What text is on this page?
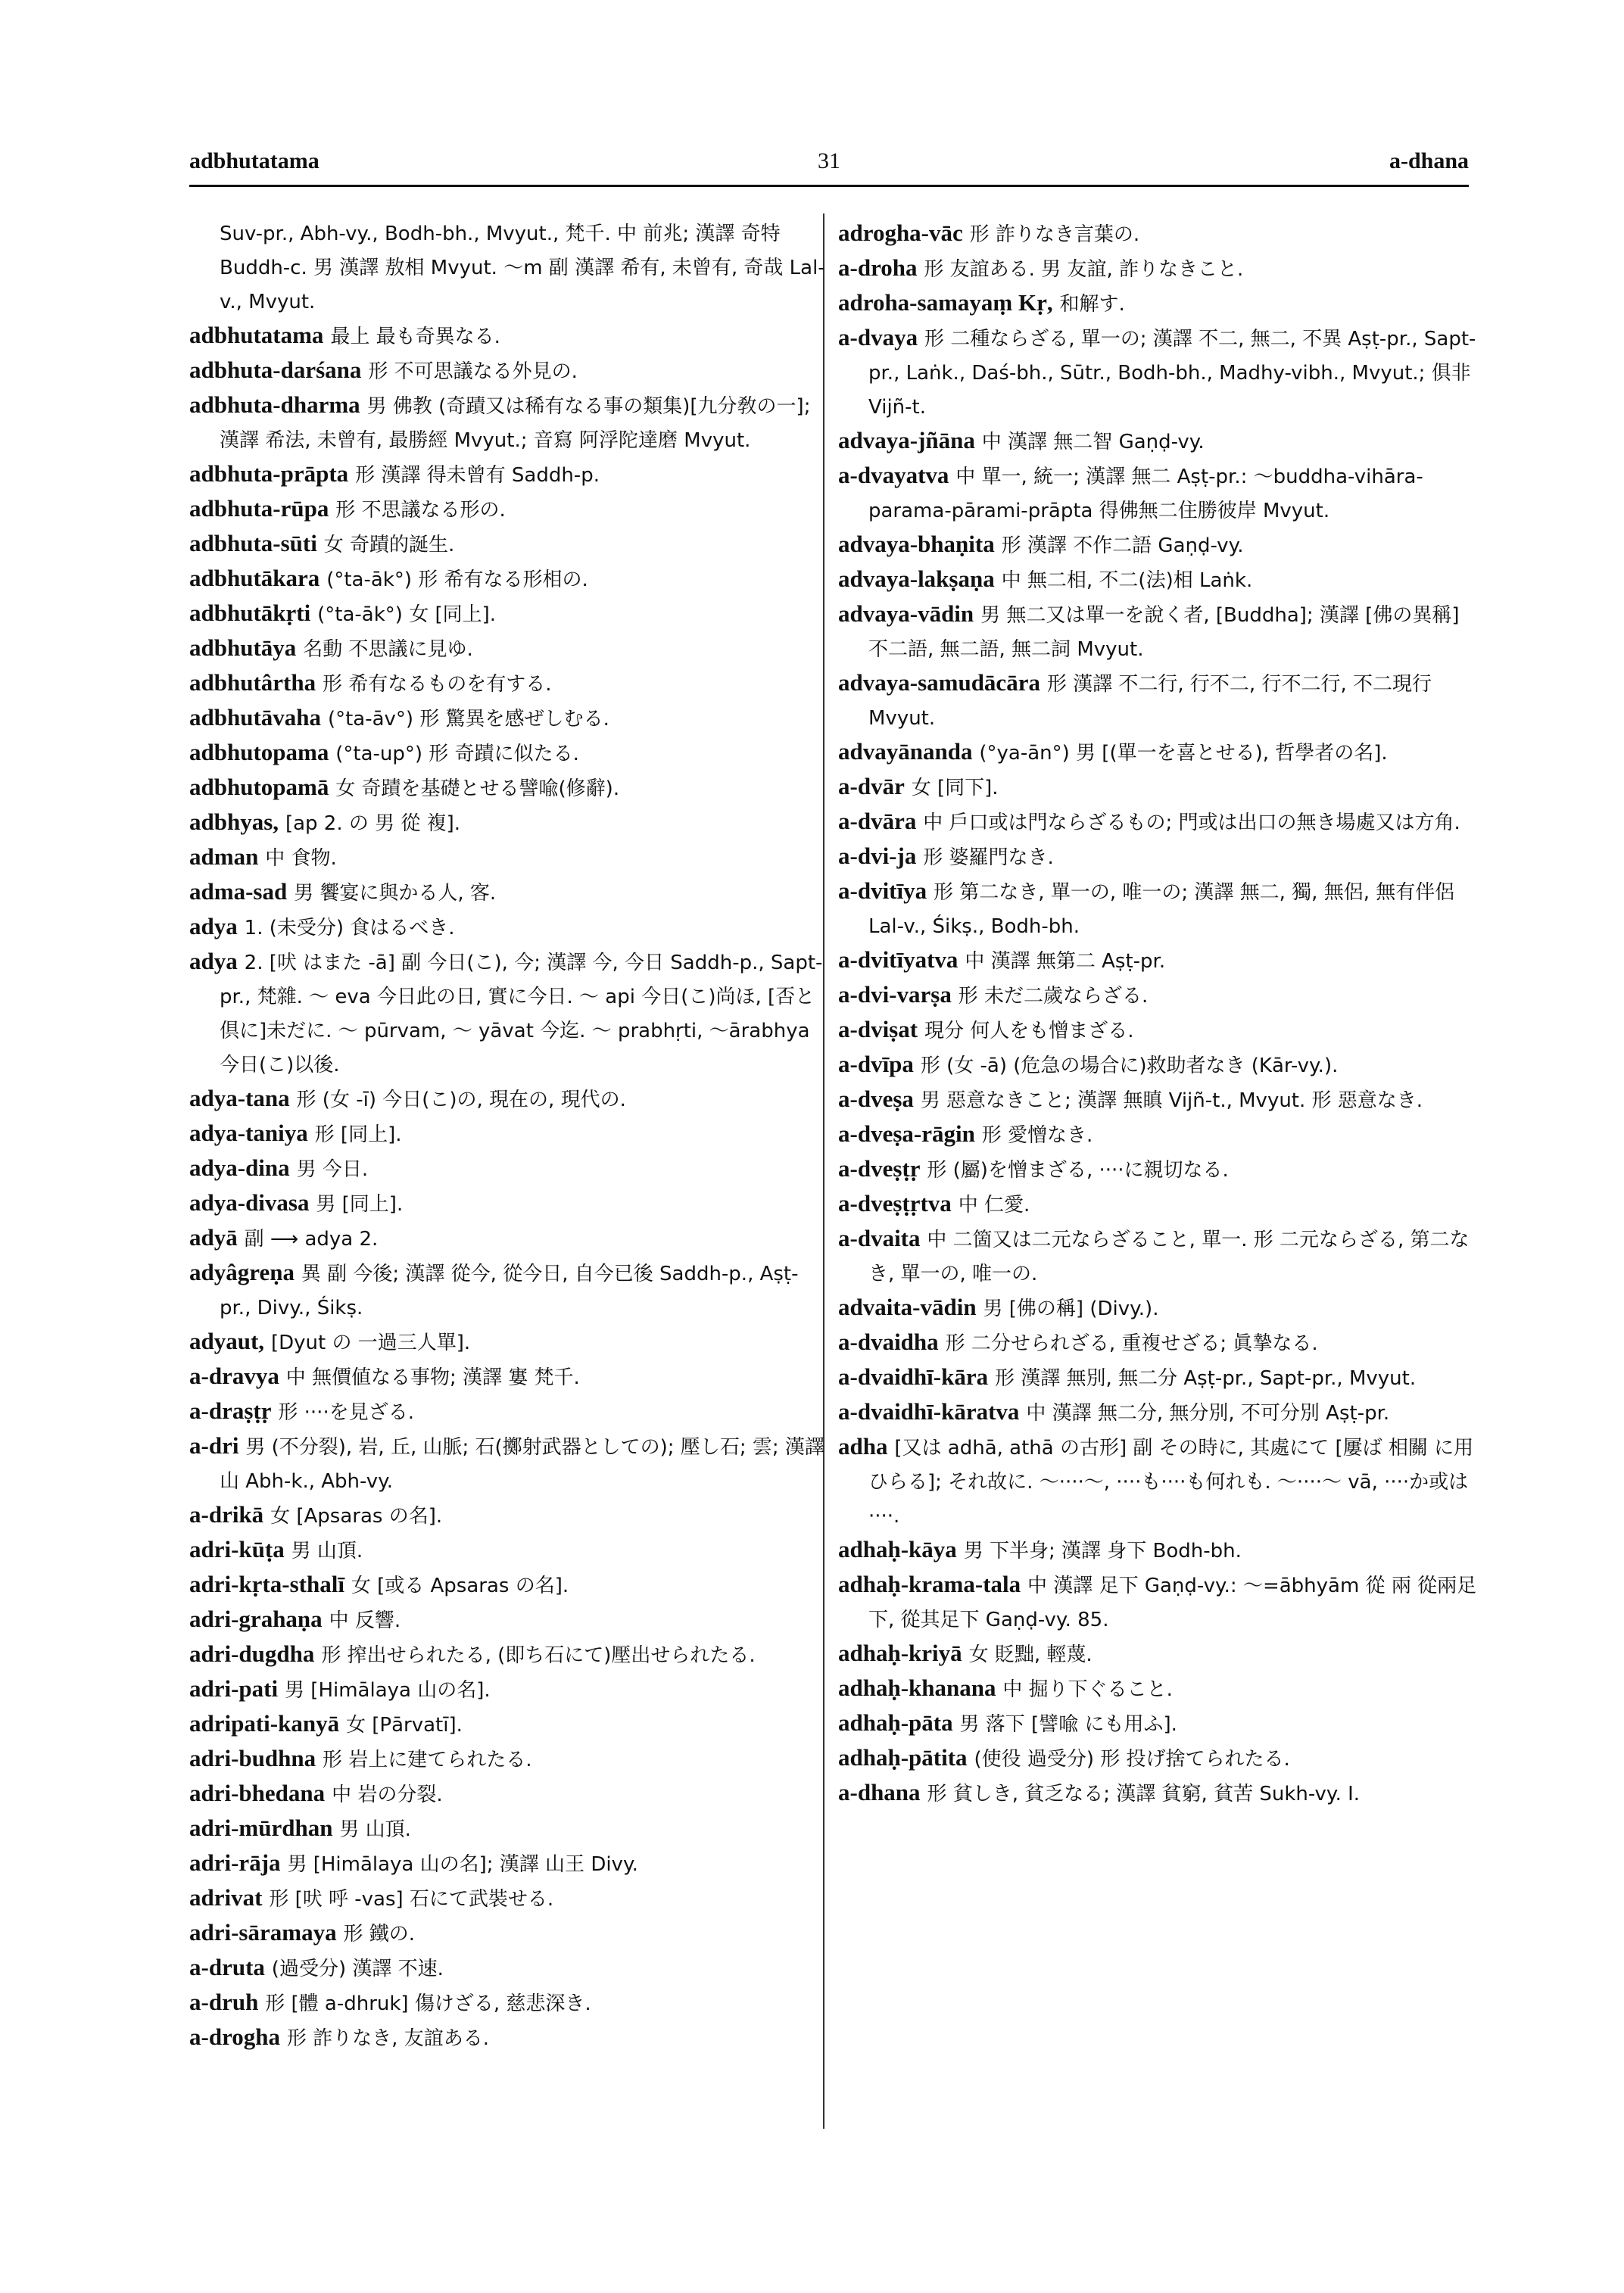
adbhutatama	31	a-dhana

Suv-pr., Abh-vy., Bodh-bh., Mvyut., 梵千. 中 前兆; 漢譯 奇特 Buddh-c. 男 漢譯 敖相 Mvyut. 〜m 副 漢譯 希有, 未曾有, 奇哉 Lal-v., Mvyut.

adbhutatama 最上 最も奇異なる.

adbhuta-darśana 形 不可思議なる外見の.

adbhuta-dharma 男 佛教 (奇蹟又は稀有なる事の類集)[九分敎の一]; 漢譯 希法, 未曾有, 最勝經 Mvyut.; 音寫 阿浮陀達磨 Mvyut.

adbhuta-prāpta 形 漢譯 得未曾有 Saddh-p.

adbhuta-rūpa 形 不思議なる形の.

adbhuta-sūti 女 奇蹟的誕生.

adbhutākara (°ta-āk°) 形 希有なる形相の.

adbhutākṛti (°ta-āk°) 女 [同上].

adbhutāya 名動 不思議に見ゆ.

adbhutârtha 形 希有なるものを有する.

adbhutāvaha (°ta-āv°) 形 驚異を感ぜしむる.

adbhutopama (°ta-up°) 形 奇蹟に似たる.

adbhutopamā 女 奇蹟を基礎とせる譬喩(修辭).

adbhyas, [ap 2. の 男 從 複].

adman 中 食物.

adma-sad 男 饗宴に與かる人, 客.

adya 1. (未受分) 食はるべき.

adya 2. [吠 はまた -ā] 副 今日(こ), 今; 漢譯 今, 今日 Saddh-p., Sapt-pr., 梵雜. 〜 eva 今日此の日, 實に今日. 〜 api 今日(こ)尚ほ, [否と倶に]未だに. 〜 pūrvam, 〜 yāvat 今迄. 〜 prabhṛti, 〜ārabhya 今日(こ)以後.

adya-tana 形 (女 -ī) 今日(こ)の, 現在の, 現代の.

adya-taniya 形 [同上].

adya-dina 男 今日.

adya-divasa 男 [同上].

adyā 副 ⟶ adya 2.

adyâgreṇa 異 副 今後; 漢譯 從今, 從今日, 自今已後 Saddh-p., Aṣṭ-pr., Divy., Śikṣ.

adyaut, [Dyut の 一過三人單].

a-dravya 中 無價値なる事物; 漢譯 寠 梵千.

a-draṣṭṛ 形 ····を見ざる.

a-dri 男 (不分裂), 岩, 丘, 山脈; 石(擲射武器としての); 壓し石; 雲; 漢譯 山 Abh-k., Abh-vy.

a-drikā 女 [Apsaras の名].

adri-kūṭa 男 山頂.

adri-kṛta-sthalī 女 [或る Apsaras の名].

adri-grahaṇa 中 反響.

adri-dugdha 形 搾出せられたる, (即ち石にて)壓出せられたる.

adri-pati 男 [Himālaya 山の名].

adripati-kanyā 女 [Pārvatī].

adri-budhna 形 岩上に建てられたる.

adri-bhedana 中 岩の分裂.

adri-mūrdhan 男 山頂.

adri-rāja 男 [Himālaya 山の名]; 漢譯 山王 Divy.

adrivat 形 [吠 呼 -vas] 石にて武裝せる.

adri-sāramaya 形 鐵の.

a-druta (過受分) 漢譯 不速.

a-druh 形 [體 a-dhruk] 傷けざる, 慈悲深き.

a-drogha 形 詐りなき, 友誼ある.

adrogha-vāc 形 詐りなき言葉の.

a-droha 形 友誼ある. 男 友誼, 詐りなきこと.

adroha-samayaṃ Kṛ, 和解す.

a-dvaya 形 二種ならざる, 單一の; 漢譯 不二, 無二, 不異 Aṣṭ-pr., Sapt-pr., Laṅk., Daś-bh., Sūtr., Bodh-bh., Madhy-vibh., Mvyut.; 俱非 Vijñ-t.

advaya-jñāna 中 漢譯 無二智 Gaṇḍ-vy.

a-dvayatva 中 單一, 統一; 漢譯 無二 Aṣṭ-pr.: 〜buddha-vihāra-parama-pārami-prāpta 得佛無二住勝彼岸 Mvyut.

advaya-bhaṇita 形 漢譯 不作二語 Gaṇḍ-vy.

advaya-lakṣaṇa 中 無二相, 不二(法)相 Laṅk.

advaya-vādin 男 無二又は單一を說く者, [Buddha]; 漢譯 [佛の異稱] 不二語, 無二語, 無二詞 Mvyut.

advaya-samudācāra 形 漢譯 不二行, 行不二, 行不二行, 不二現行 Mvyut.

advayānanda (°ya-ān°) 男 [(單一を喜とせる), 哲學者の名].

a-dvār 女 [同下].

a-dvāra 中 戶口或は門ならざるもの; 門或は出口の無き場處又は方角.

a-dvi-ja 形 婆羅門なき.

a-dvitīya 形 第二なき, 單一の, 唯一の; 漢譯 無二, 獨, 無侶, 無有伴侶 Lal-v., Śikṣ., Bodh-bh.

a-dvitīyatva 中 漢譯 無第二 Aṣṭ-pr.

a-dvi-varṣa 形 未だ二歲ならざる.

a-dviṣat 現分 何人をも憎まざる.

a-dvīpa 形 (女 -ā) (危急の場合に)救助者なき (Kār-vy.).

a-dveṣa 男 惡意なきこと; 漢譯 無瞋 Vijñ-t., Mvyut. 形 惡意なき.

a-dveṣa-rāgin 形 愛憎なき.

a-dveṣṭṛ 形 (屬)を憎まざる, ····に親切なる.

a-dveṣṭṛtva 中 仁愛.

a-dvaita 中 二箇又は二元ならざること, 單一. 形 二元ならざる, 第二なき, 單一の, 唯一の.

advaita-vādin 男 [佛の稱] (Divy.).

a-dvaidha 形 二分せられざる, 重複せざる; 眞摯なる.

a-dvaidhī-kāra 形 漢譯 無別, 無二分 Aṣṭ-pr., Sapt-pr., Mvyut.

a-dvaidhī-kāratva 中 漢譯 無二分, 無分別, 不可分別 Aṣṭ-pr.

adha [又は adhā, athā の古形] 副 その時に, 其處にて [屢ば 相關 に用ひらる]; それ故に. 〜····〜, ····も····も何れも. 〜····〜 vā, ····か或は····.

adhaḥ-kāya 男 下半身; 漢譯 身下 Bodh-bh.

adhaḥ-krama-tala 中 漢譯 足下 Gaṇḍ-vy.: 〜=ābhyām 從 兩 從兩足下, 從其足下 Gaṇḍ-vy. 85.

adhaḥ-kriyā 女 貶黜, 輕蔑.

adhaḥ-khanana 中 掘り下ぐること.

adhaḥ-pāta 男 落下 [譬喩 にも用ふ].

adhaḥ-pātita (使役 過受分) 形 投げ捨てられたる.

a-dhana 形 貧しき, 貧乏なる; 漢譯 貧窮, 貧苦 Sukh-vy. I.
